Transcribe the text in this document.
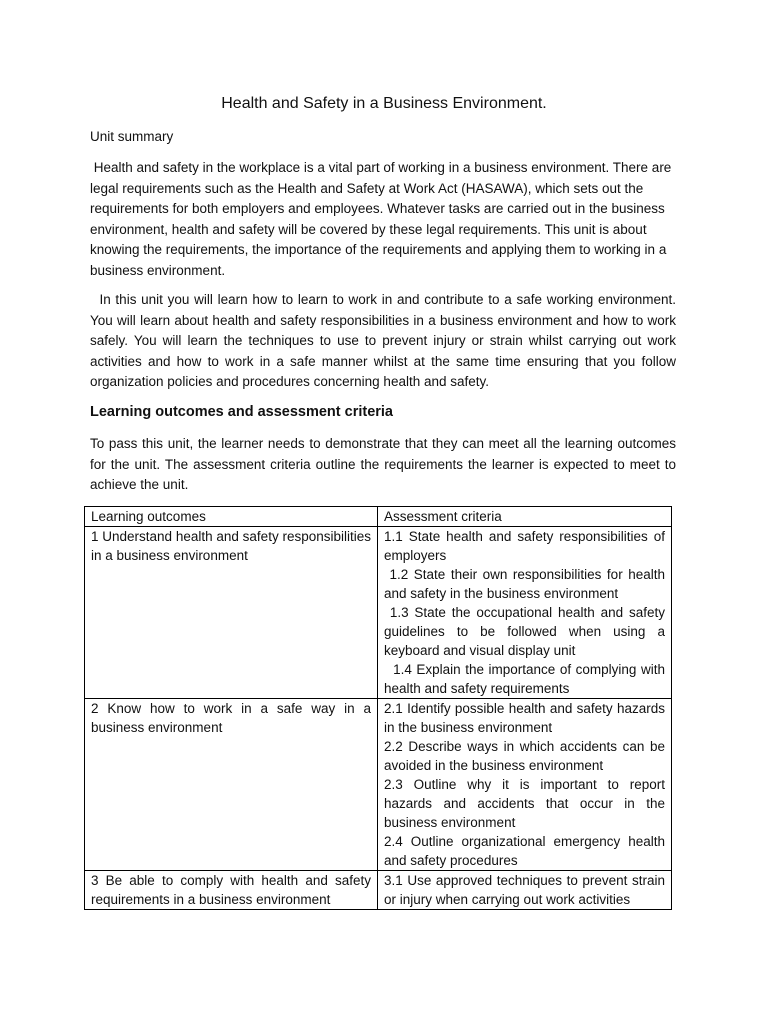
Health and Safety in a Business Environment.
Unit summary

Health and safety in the workplace is a vital part of working in a business environment. There are legal requirements such as the Health and Safety at Work Act (HASAWA), which sets out the requirements for both employers and employees. Whatever tasks are carried out in the business environment, health and safety will be covered by these legal requirements. This unit is about knowing the requirements, the importance of the requirements and applying them to working in a business environment.

In this unit you will learn how to learn to work in and contribute to a safe working environment. You will learn about health and safety responsibilities in a business environment and how to work safely. You will learn the techniques to use to prevent injury or strain whilst carrying out work activities and how to work in a safe manner whilst at the same time ensuring that you follow organization policies and procedures concerning health and safety.

Learning outcomes and assessment criteria

To pass this unit, the learner needs to demonstrate that they can meet all the learning outcomes for the unit. The assessment criteria outline the requirements the learner is expected to meet to achieve the unit.

Learning outcomes	Assessment criteria
1 Understand health and safety responsibilities in a business environment	1.1 State health and safety responsibilities of employers
1.2 State their own responsibilities for health and safety in the business environment
1.3 State the occupational health and safety guidelines to be followed when using a keyboard and visual display unit
1.4 Explain the importance of complying with health and safety requirements

2 Know how to work in a safe way in a business environment	2.1 Identify possible health and safety hazards in the business environment
2.2 Describe ways in which accidents can be avoided in the business environment
2.3 Outline why it is important to report hazards and accidents that occur in the business environment
2.4 Outline organizational emergency health and safety procedures

3 Be able to comply with health and safety requirements in a business environment	3.1 Use approved techniques to prevent strain or injury when carrying out work activities
